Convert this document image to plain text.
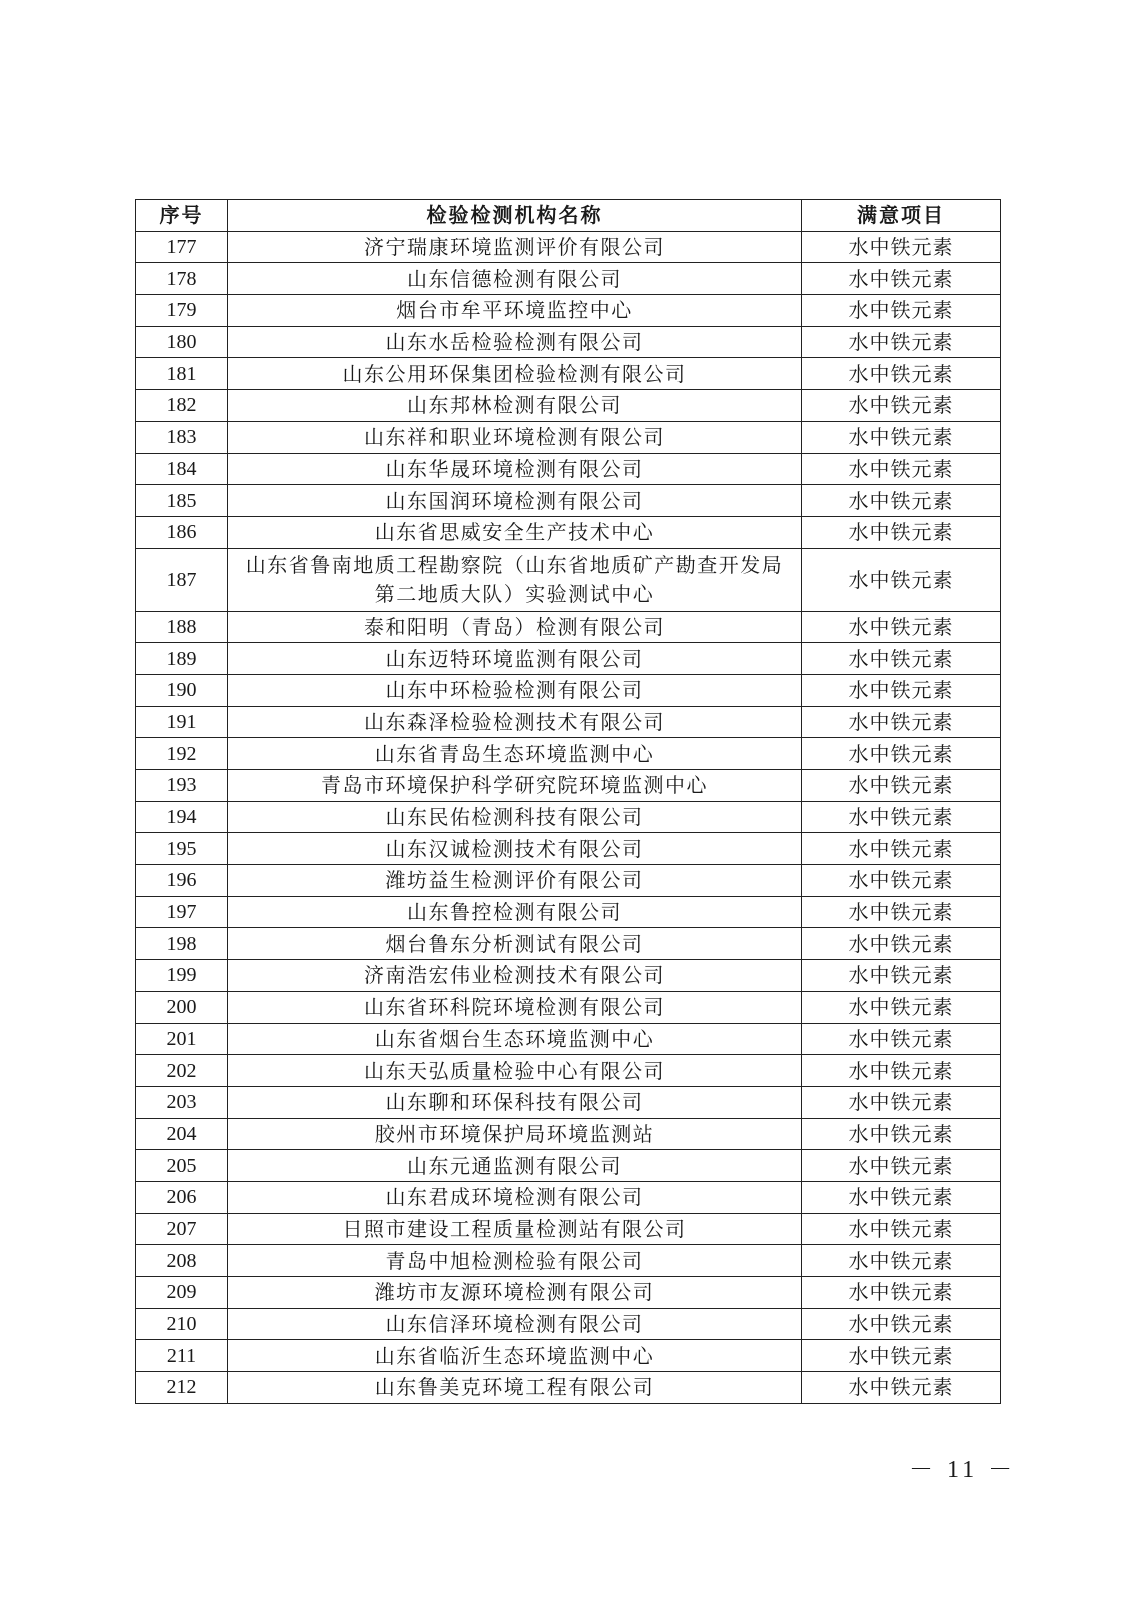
序号	检验检测机构名称	满意项目
177	济宁瑞康环境监测评价有限公司	水中铁元素
178	山东信德检测有限公司	水中铁元素
179	烟台市牟平环境监控中心	水中铁元素
180	山东水岳检验检测有限公司	水中铁元素
181	山东公用环保集团检验检测有限公司	水中铁元素
182	山东邦林检测有限公司	水中铁元素
183	山东祥和职业环境检测有限公司	水中铁元素
184	山东华晟环境检测有限公司	水中铁元素
185	山东国润环境检测有限公司	水中铁元素
186	山东省思威安全生产技术中心	水中铁元素
187	山东省鲁南地质工程勘察院（山东省地质矿产勘查开发局第二地质大队）实验测试中心	水中铁元素
188	泰和阳明（青岛）检测有限公司	水中铁元素
189	山东迈特环境监测有限公司	水中铁元素
190	山东中环检验检测有限公司	水中铁元素
191	山东森泽检验检测技术有限公司	水中铁元素
192	山东省青岛生态环境监测中心	水中铁元素
193	青岛市环境保护科学研究院环境监测中心	水中铁元素
194	山东民佑检测科技有限公司	水中铁元素
195	山东汉诚检测技术有限公司	水中铁元素
196	潍坊益生检测评价有限公司	水中铁元素
197	山东鲁控检测有限公司	水中铁元素
198	烟台鲁东分析测试有限公司	水中铁元素
199	济南浩宏伟业检测技术有限公司	水中铁元素
200	山东省环科院环境检测有限公司	水中铁元素
201	山东省烟台生态环境监测中心	水中铁元素
202	山东天弘质量检验中心有限公司	水中铁元素
203	山东聊和环保科技有限公司	水中铁元素
204	胶州市环境保护局环境监测站	水中铁元素
205	山东元通监测有限公司	水中铁元素
206	山东君成环境检测有限公司	水中铁元素
207	日照市建设工程质量检测站有限公司	水中铁元素
208	青岛中旭检测检验有限公司	水中铁元素
209	潍坊市友源环境检测有限公司	水中铁元素
210	山东信泽环境检测有限公司	水中铁元素
211	山东省临沂生态环境监测中心	水中铁元素
212	山东鲁美克环境工程有限公司	水中铁元素
－ 11 －
